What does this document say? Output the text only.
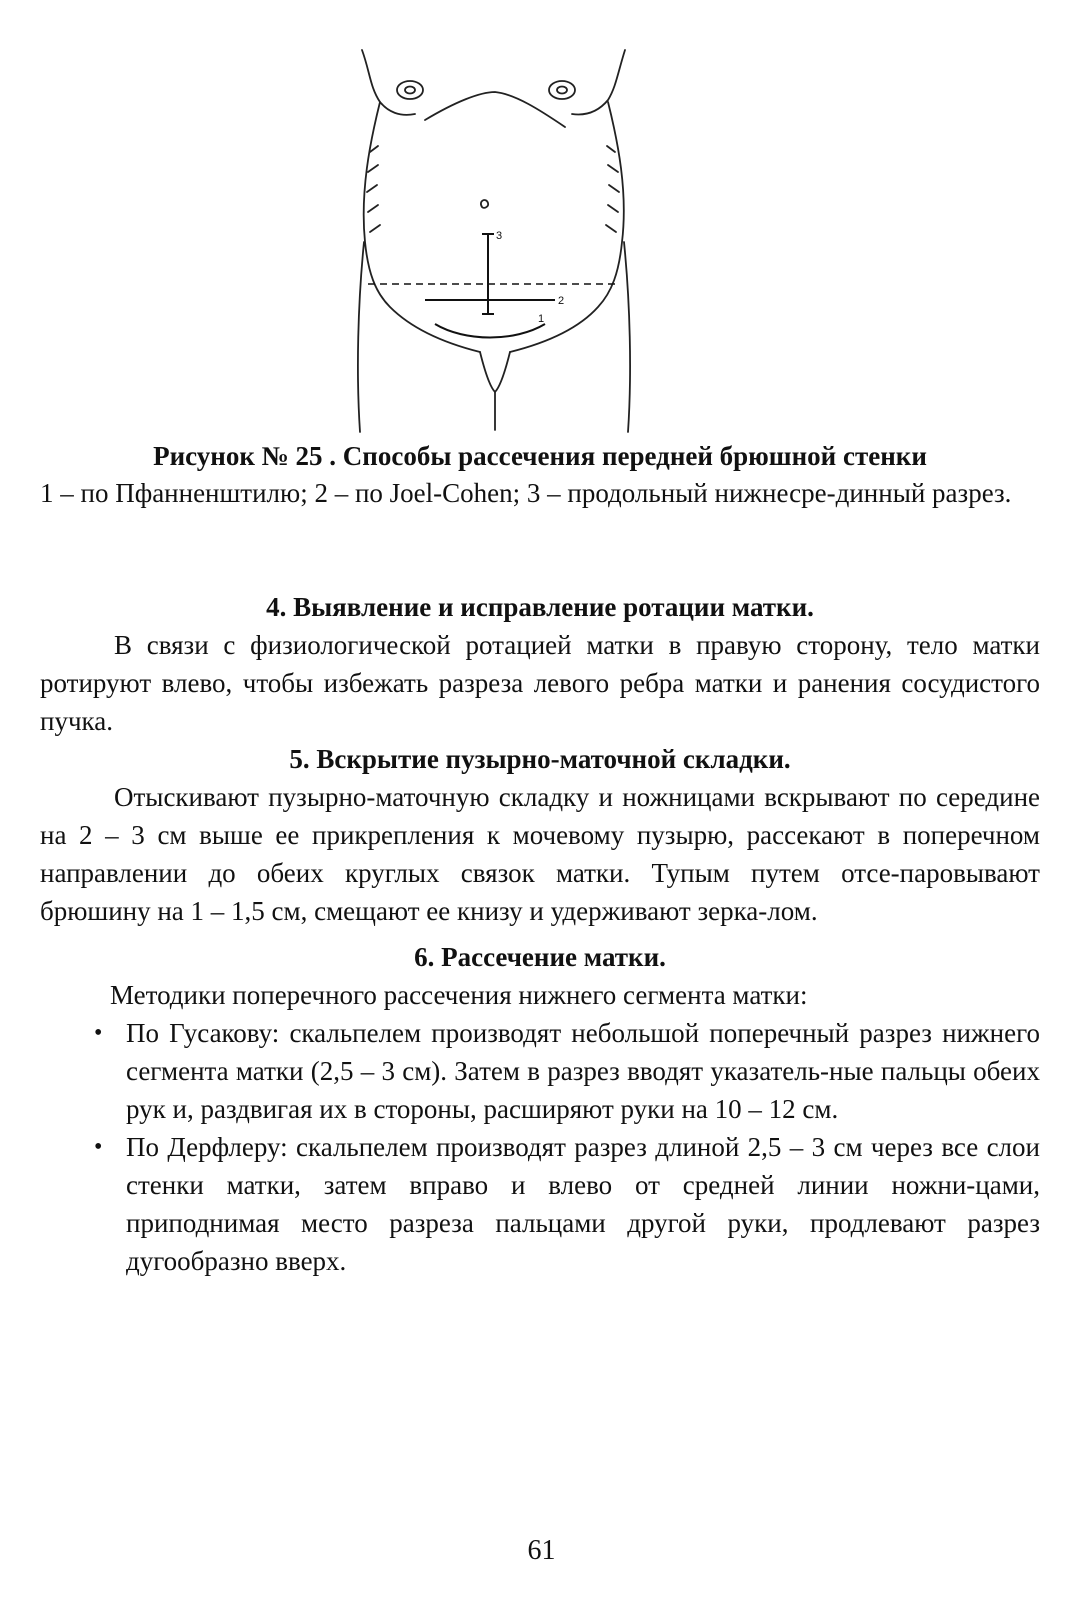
3
2
1

Рисунок № 25 . Способы рассечения передней брюшной стенки

1 – по Пфанненштилю; 2 – по Joel-Cohen; 3 – продольный нижнесре-динный разрез.

4. Выявление и исправление ротации матки.

В связи с физиологической ротацией матки в правую сторону, тело матки ротируют влево, чтобы избежать разреза левого ребра матки и ранения сосудистого пучка.

5. Вскрытие пузырно-маточной складки.

Отыскивают пузырно-маточную складку и ножницами вскрывают по середине на 2 – 3 см выше ее прикрепления к мочевому пузырю, рассекают в поперечном направлении до обеих круглых связок матки. Тупым путем отсе-паровывают брюшину на 1 – 1,5 см, смещают ее книзу и удерживают зерка-лом.

6. Рассечение матки.

Методики поперечного рассечения нижнего сегмента матки:

• По Гусакову: скальпелем производят небольшой поперечный разрез нижнего сегмента матки (2,5 – 3 см). Затем в разрез вводят указатель-ные пальцы обеих рук и, раздвигая их в стороны, расширяют руки на 10 – 12 см.
• По Дерфлеру: скальпелем производят разрез длиной 2,5 – 3 см через все слои стенки матки, затем вправо и влево от средней линии ножни-цами, приподнимая место разреза пальцами другой руки, продлевают разрез дугообразно вверх.
61
